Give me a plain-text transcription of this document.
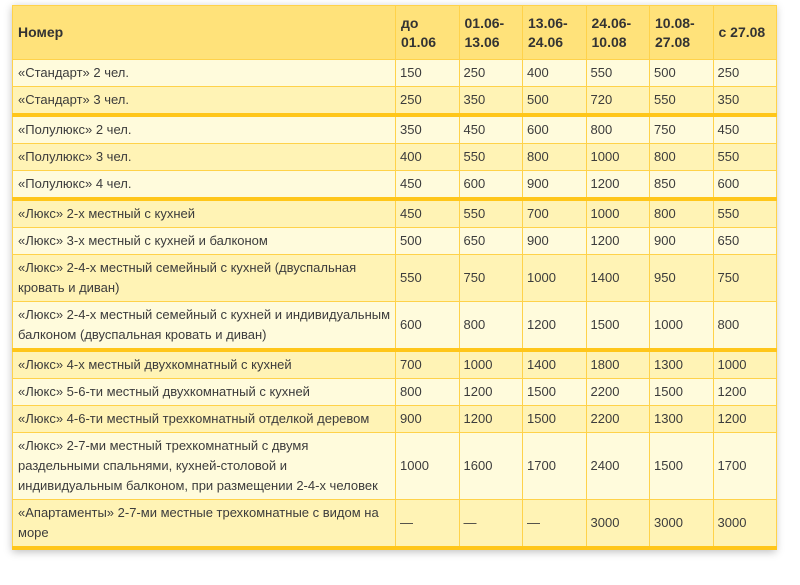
Номер	до 01.06	01.06-13.06	13.06-24.06	24.06-10.08	10.08-27.08	с 27.08
«Стандарт» 2 чел.	150	250	400	550	500	250
«Стандарт» 3 чел.	250	350	500	720	550	350
«Полулюкс» 2 чел.	350	450	600	800	750	450
«Полулюкс» 3 чел.	400	550	800	1000	800	550
«Полулюкс» 4 чел.	450	600	900	1200	850	600
«Люкс» 2-х местный с кухней	450	550	700	1000	800	550
«Люкс» 3-х местный с кухней и балконом	500	650	900	1200	900	650
«Люкс» 2-4-х местный семейный с кухней (двуспальная кровать и диван)	550	750	1000	1400	950	750
«Люкс» 2-4-х местный семейный с кухней и индивидуальным балконом (двуспальная кровать и диван)	600	800	1200	1500	1000	800
«Люкс» 4-х местный двухкомнатный с кухней	700	1000	1400	1800	1300	1000
«Люкс» 5-6-ти местный двухкомнатный с кухней	800	1200	1500	2200	1500	1200
«Люкс» 4-6-ти местный трехкомнатный отделкой деревом	900	1200	1500	2200	1300	1200
«Люкс» 2-7-ми местный трехкомнатный с двумя раздельными спальнями, кухней-столовой и индивидуальным балконом, при размещении 2-4-х человек	1000	1600	1700	2400	1500	1700
«Апартаменты» 2-7-ми местные трехкомнатные с видом на море	—	—	—	3000	3000	3000
